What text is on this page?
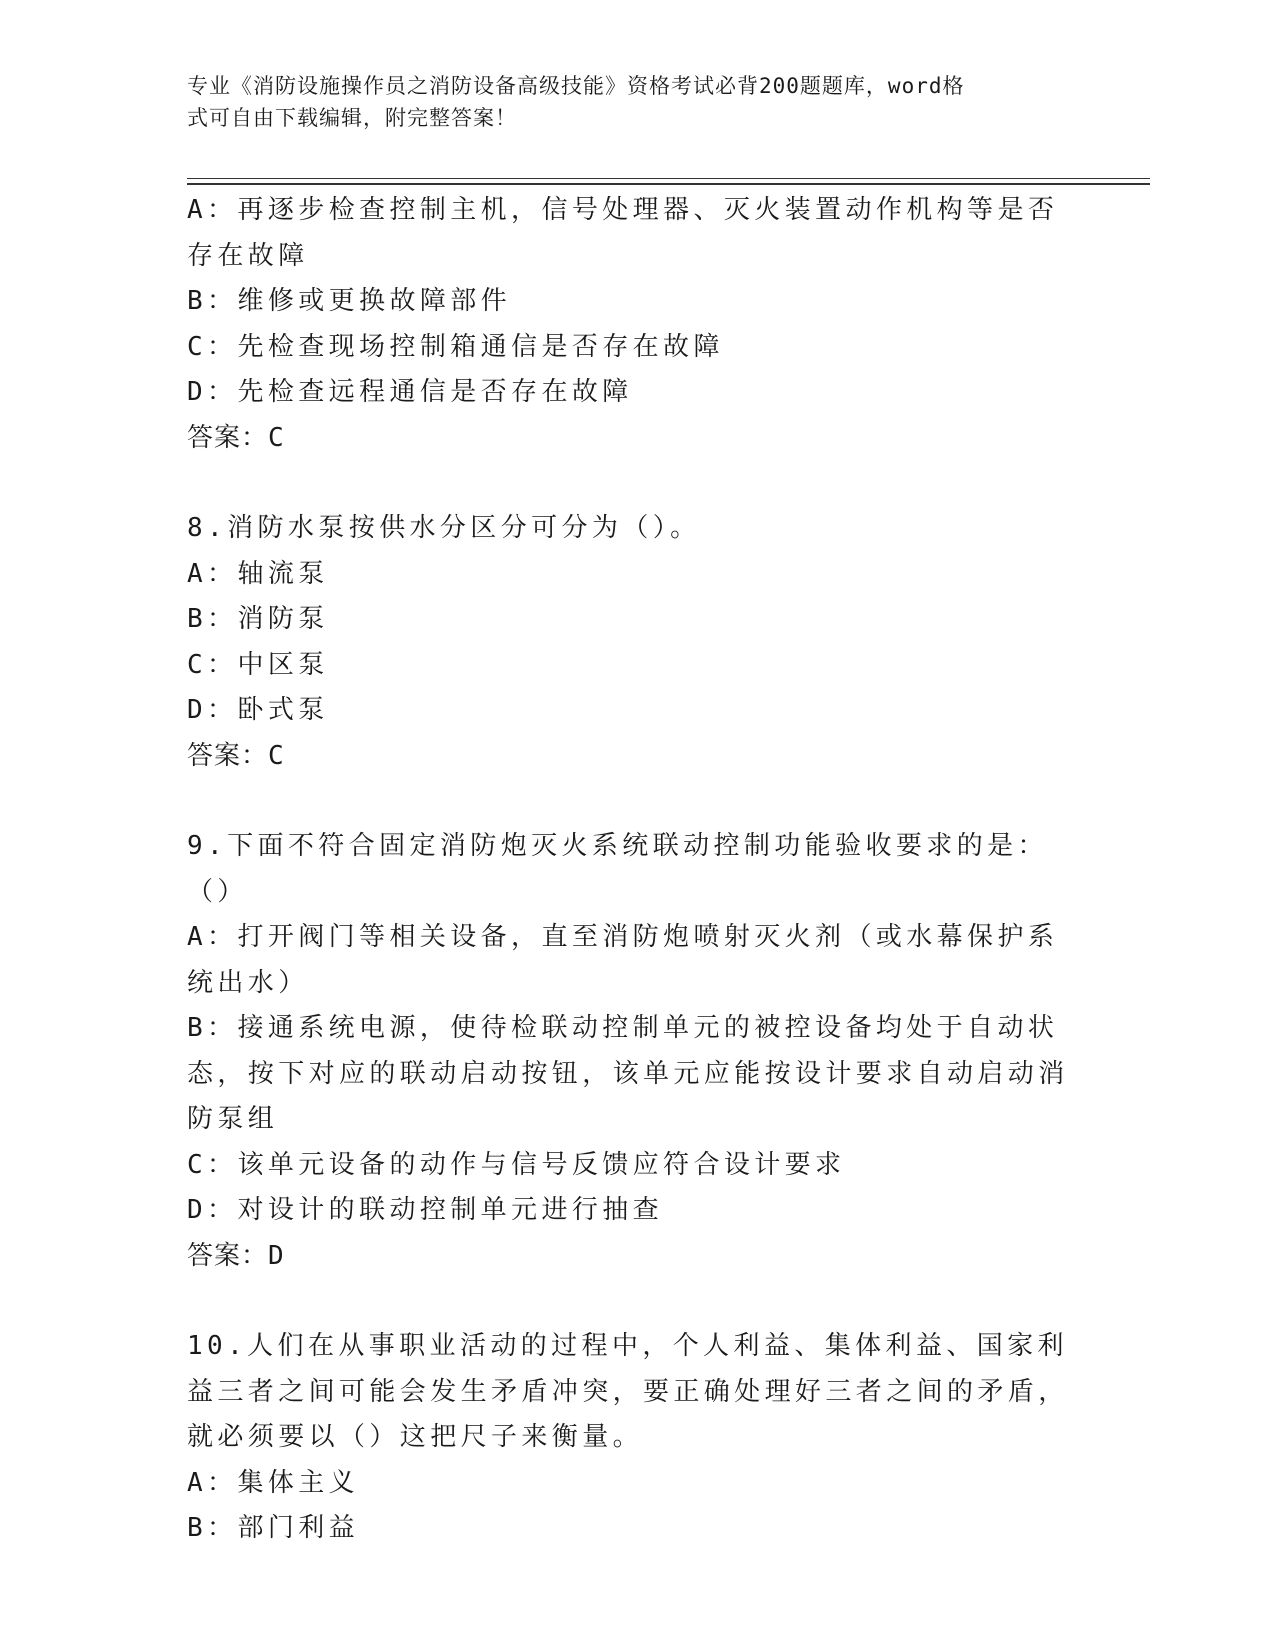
专业《消防设施操作员之消防设备高级技能》资格考试必背200题题库，word格
式可自由下载编辑，附完整答案！
A：再逐步检查控制主机，信号处理器、灭火装置动作机构等是否存在故障
B：维修或更换故障部件
C：先检查现场控制箱通信是否存在故障
D：先检查远程通信是否存在故障
答案：C
8.消防水泵按供水分区分可分为（）。
A：轴流泵
B：消防泵
C：中区泵
D：卧式泵
答案：C
9.下面不符合固定消防炮灭火系统联动控制功能验收要求的是：（）
A：打开阀门等相关设备，直至消防炮喷射灭火剂（或水幕保护系统出水）
B：接通系统电源，使待检联动控制单元的被控设备均处于自动状态，按下对应的联动启动按钮，该单元应能按设计要求自动启动消防泵组
C：该单元设备的动作与信号反馈应符合设计要求
D：对设计的联动控制单元进行抽查
答案：D
10.人们在从事职业活动的过程中，个人利益、集体利益、国家利益三者之间可能会发生矛盾冲突，要正确处理好三者之间的矛盾，就必须要以（）这把尺子来衡量。
A：集体主义
B：部门利益
